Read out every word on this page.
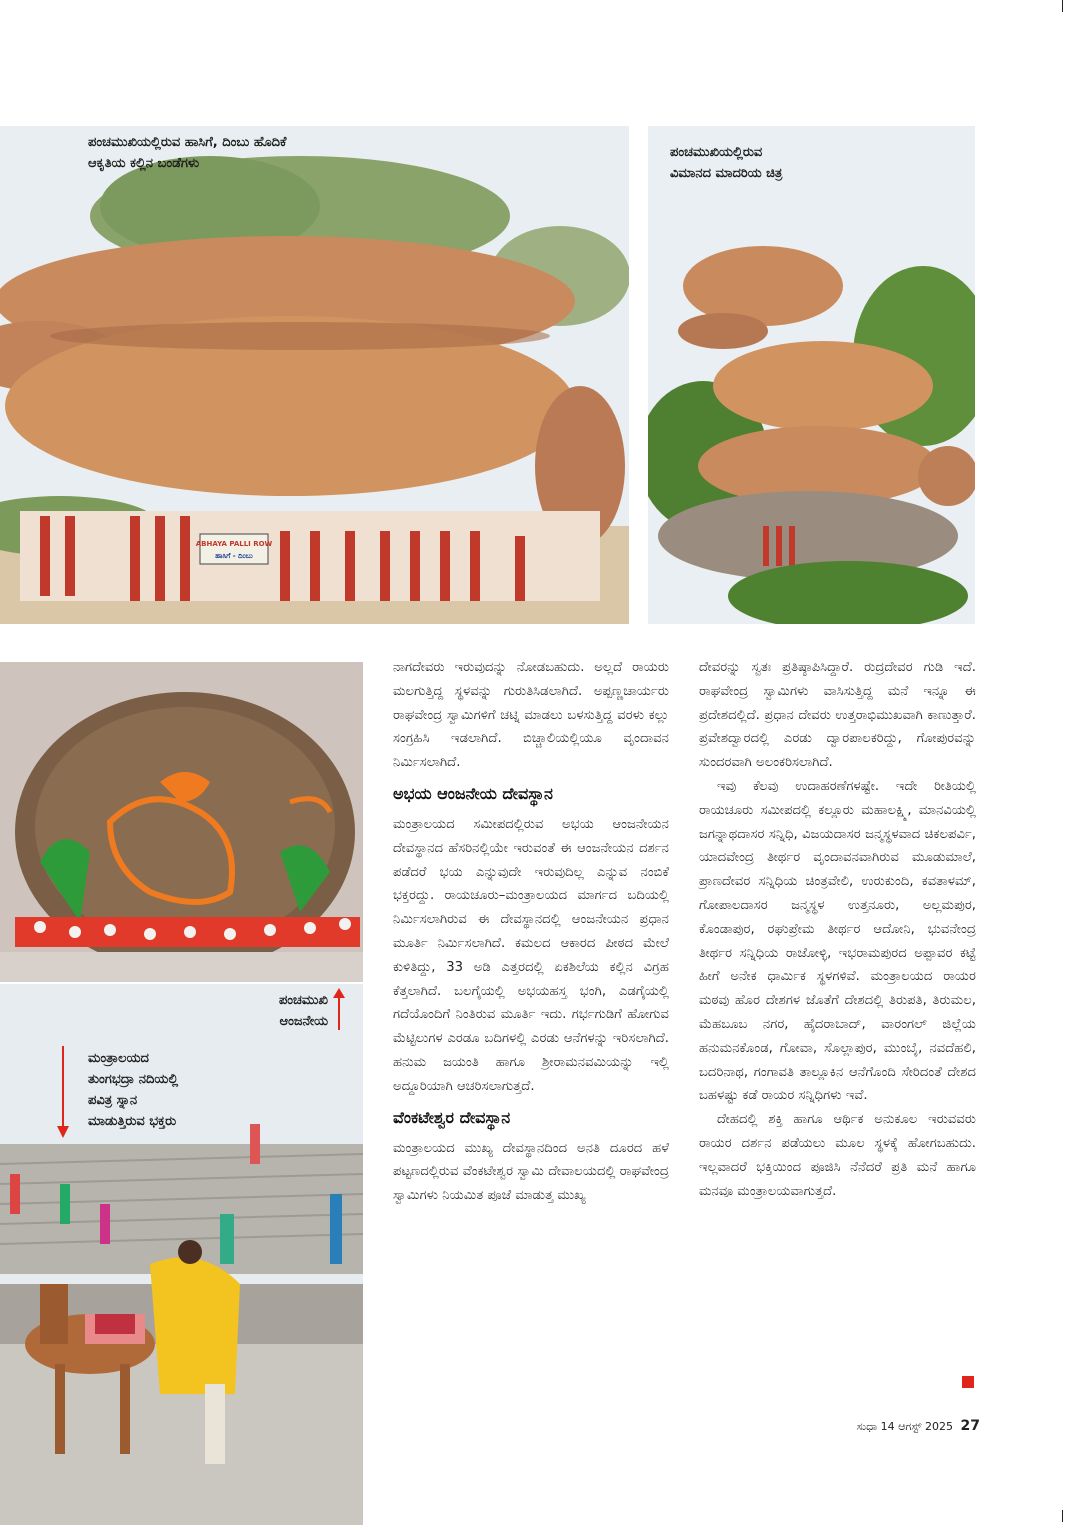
ABHAYA PALLI ROW
ಹಾಸಿಗೆ - ದಿಂಬು
ಪಂಚಮುಖಿಯಲ್ಲಿರುವ ಹಾಸಿಗೆ, ದಿಂಬು ಹೊದಿಕೆ
ಆಕೃತಿಯ ಕಲ್ಲಿನ ಬಂಡೆಗಳು
ಪಂಚಮುಖಿಯಲ್ಲಿರುವ
ವಿಮಾನದ ಮಾದರಿಯ ಚಿತ್ರ
ಪಂಚಮುಖಿ
ಆಂಜನೇಯ
ಮಂತ್ರಾಲಯದ
ತುಂಗಭದ್ರಾ ನದಿಯಲ್ಲಿ
ಪವಿತ್ರ ಸ್ನಾನ
ಮಾಡುತ್ತಿರುವ ಭಕ್ತರು

ನಾಗದೇವರು ಇರುವುದನ್ನು ನೋಡಬಹುದು. ಅಲ್ಲದೆ ರಾಯರು ಮಲಗುತ್ತಿದ್ದ ಸ್ಥಳವನ್ನು ಗುರುತಿಸಿಡಲಾಗಿದೆ. ಅಪ್ಪಣ್ಣಚಾರ್ಯರು ರಾಘವೇಂದ್ರ ಸ್ವಾಮಿಗಳಿಗೆ ಚಟ್ನಿ ಮಾಡಲು ಬಳಸುತ್ತಿದ್ದ ವರಳು ಕಲ್ಲು ಸಂಗ್ರಹಿಸಿ ಇಡಲಾಗಿದೆ. ಬಿಚ್ಚಾಲಿಯಲ್ಲಿಯೂ ವೃಂದಾವನ ನಿರ್ಮಿಸಲಾಗಿದೆ.

ಅಭಯ ಆಂಜನೇಯ ದೇವಸ್ಥಾನ

ಮಂತ್ರಾಲಯದ ಸಮೀಪದಲ್ಲಿರುವ ಅಭಯ ಆಂಜನೇಯನ ದೇವಸ್ಥಾನದ ಹೆಸರಿನಲ್ಲಿಯೇ ಇರುವಂತೆ ಈ ಆಂಜನೇಯನ ದರ್ಶನ ಪಡೆದರೆ ಭಯ ಎನ್ನುವುದೇ ಇರುವುದಿಲ್ಲ ಎನ್ನುವ ನಂಬಿಕೆ ಭಕ್ತರದ್ದು. ರಾಯಚೂರು–ಮಂತ್ರಾಲಯದ ಮಾರ್ಗದ ಬದಿಯಲ್ಲಿ ನಿರ್ಮಿಸಲಾಗಿರುವ ಈ ದೇವಸ್ಥಾನದಲ್ಲಿ ಆಂಜನೇಯನ ಪ್ರಧಾನ ಮೂರ್ತಿ ನಿರ್ಮಿಸಲಾಗಿದೆ. ಕಮಲದ ಆಕಾರದ ಪೀಠದ ಮೇಲೆ ಕುಳಿತಿದ್ದು, 33 ಅಡಿ ಎತ್ತರದಲ್ಲಿ ಏಕಶಿಲೆಯ ಕಲ್ಲಿನ ವಿಗ್ರಹ ಕೆತ್ತಲಾಗಿದೆ. ಬಲಗೈಯಲ್ಲಿ ಅಭಯಹಸ್ತ ಭಂಗಿ, ಎಡಗೈಯಲ್ಲಿ ಗದೆಯೊಂದಿಗೆ ನಿಂತಿರುವ ಮೂರ್ತಿ ಇದು. ಗರ್ಭಗುಡಿಗೆ ಹೋಗುವ ಮೆಟ್ಟಿಲುಗಳ ಎರಡೂ ಬದಿಗಳಲ್ಲಿ ಎರಡು ಆನೆಗಳನ್ನು ಇರಿಸಲಾಗಿದೆ. ಹನುಮ ಜಯಂತಿ ಹಾಗೂ ಶ್ರೀರಾಮನವಮಿಯನ್ನು ಇಲ್ಲಿ ಅದ್ದೂರಿಯಾಗಿ ಆಚರಿಸಲಾಗುತ್ತದೆ.

ವೆಂಕಟೇಶ್ವರ ದೇವಸ್ಥಾನ

ಮಂತ್ರಾಲಯದ ಮುಖ್ಯ ದೇವಸ್ಥಾನದಿಂದ ಅನತಿ ದೂರದ ಹಳೆ ಪಟ್ಟಣದಲ್ಲಿರುವ ವೆಂಕಟೇಶ್ವರ ಸ್ವಾಮಿ ದೇವಾಲಯದಲ್ಲಿ ರಾಘವೇಂದ್ರ ಸ್ವಾಮಿಗಳು ನಿಯಮಿತ ಪೂಜೆ ಮಾಡುತ್ತ ಮುಖ್ಯ

ದೇವರನ್ನು ಸ್ವತಃ ಪ್ರತಿಷ್ಠಾಪಿಸಿದ್ದಾರೆ. ರುದ್ರದೇವರ ಗುಡಿ ಇದೆ. ರಾಘವೇಂದ್ರ ಸ್ವಾಮಿಗಳು ವಾಸಿಸುತ್ತಿದ್ದ ಮನೆ ಇನ್ನೂ ಈ ಪ್ರದೇಶದಲ್ಲಿದೆ. ಪ್ರಧಾನ ದೇವರು ಉತ್ತರಾಭಿಮುಖವಾಗಿ ಕಾಣುತ್ತಾರೆ. ಪ್ರವೇಶದ್ವಾರದಲ್ಲಿ ಎರಡು ದ್ವಾರಪಾಲಕರಿದ್ದು, ಗೋಪುರವನ್ನು ಸುಂದರವಾಗಿ ಅಲಂಕರಿಸಲಾಗಿದೆ.

ಇವು ಕೆಲವು ಉದಾಹರಣೆಗಳಷ್ಟೇ. ಇದೇ ರೀತಿಯಲ್ಲಿ ರಾಯಚೂರು ಸಮೀಪದಲ್ಲಿ ಕಲ್ಲೂರು ಮಹಾಲಕ್ಷ್ಮಿ, ಮಾನವಿಯಲ್ಲಿ ಜಗನ್ನಾಥದಾಸರ ಸನ್ನಿಧಿ, ವಿಜಯದಾಸರ ಜನ್ಮಸ್ಥಳವಾದ ಚಿಕಲಪರ್ವಿ, ಯಾದವೇಂದ್ರ ತೀರ್ಥರ ವೃಂದಾವನವಾಗಿರುವ ಮೂಡುಮಾಲೆ, ಪ್ರಾಣದೇವರ ಸನ್ನಿಧಿಯ ಚಿಂತ್ರವೇಲಿ, ಉರುಕುಂದಿ, ಕವತಾಳಮ್, ಗೋಪಾಲದಾಸರ ಜನ್ಮಸ್ಥಳ ಉತ್ತನೂರು, ಅಲ್ಲಮಪುರ, ಕೊಂಡಾಪುರ, ರಘುಪ್ರೇಮ ತೀರ್ಥರ ಆದೋನಿ, ಭುವನೇಂದ್ರ ತೀರ್ಥರ ಸನ್ನಿಧಿಯ ರಾಜೋಳ್ಳಿ, ಇಭರಾಮಪುರದ ಅಪ್ಪಾವರ ಕಟ್ಟೆ ಹೀಗೆ ಅನೇಕ ಧಾರ್ಮಿಕ ಸ್ಥಳಗಳಿವೆ. ಮಂತ್ರಾಲಯದ ರಾಯರ ಮಠವು ಹೊರ ದೇಶಗಳ ಜೊತೆಗೆ ದೇಶದಲ್ಲಿ ತಿರುಪತಿ, ತಿರುಮಲ, ಮೆಹಬೂಬ ನಗರ, ಹೈದರಾಬಾದ್, ವಾರಂಗಲ್ ಜಿಲ್ಲೆಯ ಹನುಮನಕೊಂಡ, ಗೋವಾ, ಸೊಲ್ಲಾಪುರ, ಮುಂಬೈ, ನವದೆಹಲಿ, ಬದರಿನಾಥ, ಗಂಗಾವತಿ ತಾಲ್ಲೂಕಿನ ಆನೆಗೊಂದಿ ಸೇರಿದಂತೆ ದೇಶದ ಬಹಳಷ್ಟು ಕಡೆ ರಾಯರ ಸನ್ನಿಧಿಗಳು ಇವೆ.

ದೇಹದಲ್ಲಿ ಶಕ್ತಿ ಹಾಗೂ ಆರ್ಥಿಕ ಅನುಕೂಲ ಇರುವವರು ರಾಯರ ದರ್ಶನ ಪಡೆಯಲು ಮೂಲ ಸ್ಥಳಕ್ಕೆ ಹೋಗಬಹುದು. ಇಲ್ಲವಾದರೆ ಭಕ್ತಿಯಿಂದ ಪೂಜಿಸಿ ನೆನೆದರೆ ಪ್ರತಿ ಮನೆ ಹಾಗೂ ಮನವೂ ಮಂತ್ರಾಲಯವಾಗುತ್ತದೆ.

ಸುಧಾ 14 ಆಗಸ್ಟ್ 2025 27
